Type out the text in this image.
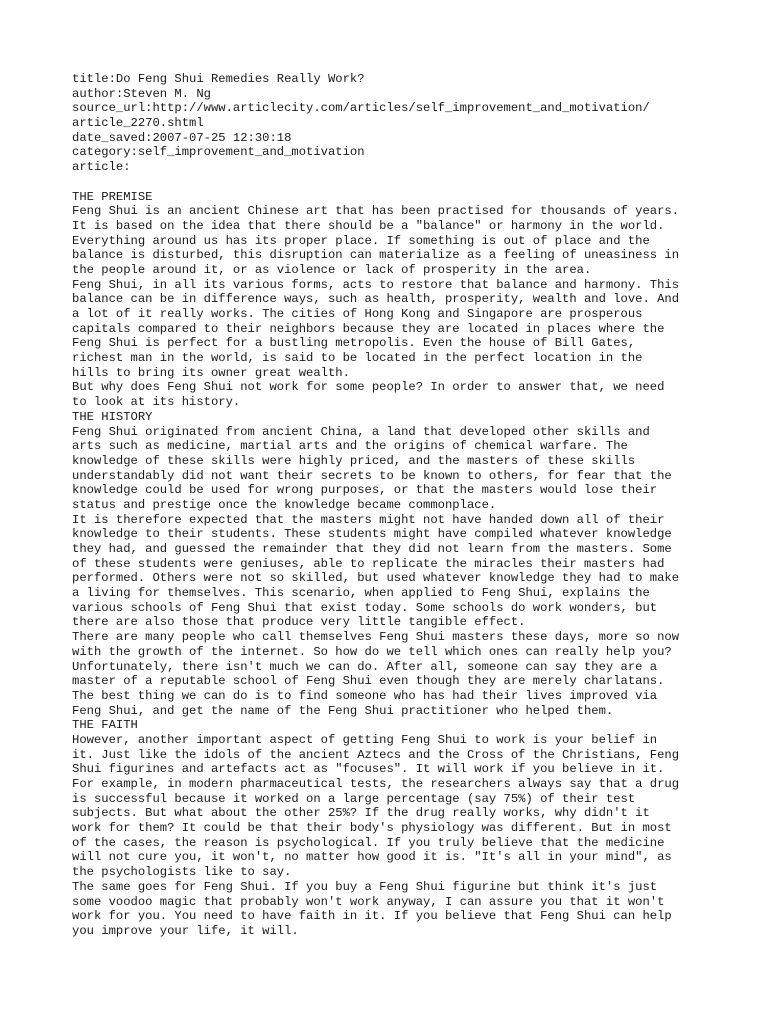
title:Do Feng Shui Remedies Really Work?
author:Steven M. Ng
source_url:http://www.articlecity.com/articles/self_improvement_and_motivation/
article_2270.shtml
date_saved:2007-07-25 12:30:18
category:self_improvement_and_motivation
article:
THE PREMISE
Feng Shui is an ancient Chinese art that has been practised for thousands of years.
It is based on the idea that there should be a "balance" or harmony in the world.
Everything around us has its proper place. If something is out of place and the
balance is disturbed, this disruption can materialize as a feeling of uneasiness in
the people around it, or as violence or lack of prosperity in the area.
Feng Shui, in all its various forms, acts to restore that balance and harmony. This
balance can be in difference ways, such as health, prosperity, wealth and love. And
a lot of it really works. The cities of Hong Kong and Singapore are prosperous
capitals compared to their neighbors because they are located in places where the
Feng Shui is perfect for a bustling metropolis. Even the house of Bill Gates,
richest man in the world, is said to be located in the perfect location in the
hills to bring its owner great wealth.
But why does Feng Shui not work for some people? In order to answer that, we need
to look at its history.
THE HISTORY
Feng Shui originated from ancient China, a land that developed other skills and
arts such as medicine, martial arts and the origins of chemical warfare. The
knowledge of these skills were highly priced, and the masters of these skills
understandably did not want their secrets to be known to others, for fear that the
knowledge could be used for wrong purposes, or that the masters would lose their
status and prestige once the knowledge became commonplace.
It is therefore expected that the masters might not have handed down all of their
knowledge to their students. These students might have compiled whatever knowledge
they had, and guessed the remainder that they did not learn from the masters. Some
of these students were geniuses, able to replicate the miracles their masters had
performed. Others were not so skilled, but used whatever knowledge they had to make
a living for themselves. This scenario, when applied to Feng Shui, explains the
various schools of Feng Shui that exist today. Some schools do work wonders, but
there are also those that produce very little tangible effect.
There are many people who call themselves Feng Shui masters these days, more so now
with the growth of the internet. So how do we tell which ones can really help you?
Unfortunately, there isn't much we can do. After all, someone can say they are a
master of a reputable school of Feng Shui even though they are merely charlatans.
The best thing we can do is to find someone who has had their lives improved via
Feng Shui, and get the name of the Feng Shui practitioner who helped them.
THE FAITH
However, another important aspect of getting Feng Shui to work is your belief in
it. Just like the idols of the ancient Aztecs and the Cross of the Christians, Feng
Shui figurines and artefacts act as "focuses". It will work if you believe in it.
For example, in modern pharmaceutical tests, the researchers always say that a drug
is successful because it worked on a large percentage (say 75%) of their test
subjects. But what about the other 25%? If the drug really works, why didn't it
work for them? It could be that their body's physiology was different. But in most
of the cases, the reason is psychological. If you truly believe that the medicine
will not cure you, it won't, no matter how good it is. "It's all in your mind", as
the psychologists like to say.
The same goes for Feng Shui. If you buy a Feng Shui figurine but think it's just
some voodoo magic that probably won't work anyway, I can assure you that it won't
work for you. You need to have faith in it. If you believe that Feng Shui can help
you improve your life, it will.
